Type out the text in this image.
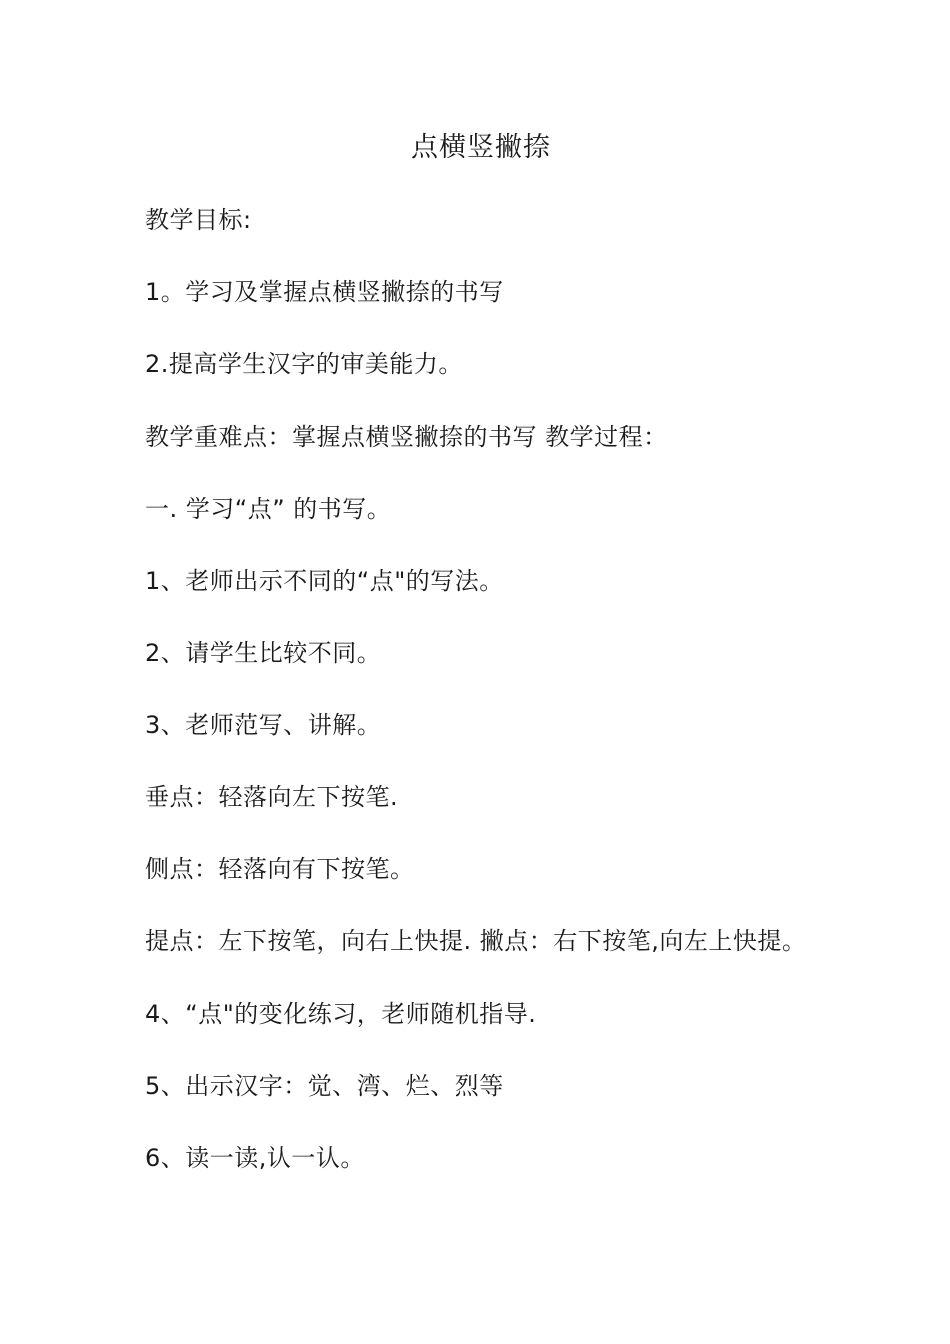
点横竖撇捺
教学目标:
1。学习及掌握点横竖撇捺的书写
2.提高学生汉字的审美能力。
教学重难点：掌握点横竖撇捺的书写 教学过程：
一. 学习“点” 的书写。
1、老师出示不同的“点"的写法。
2、请学生比较不同。
3、老师范写、讲解。
垂点：轻落向左下按笔.
侧点：轻落向有下按笔。
提点：左下按笔，向右上快提. 撇点：右下按笔,向左上快提。
4、“点"的变化练习，老师随机指导.
5、出示汉字：觉、湾、烂、烈等
6、读一读,认一认。
